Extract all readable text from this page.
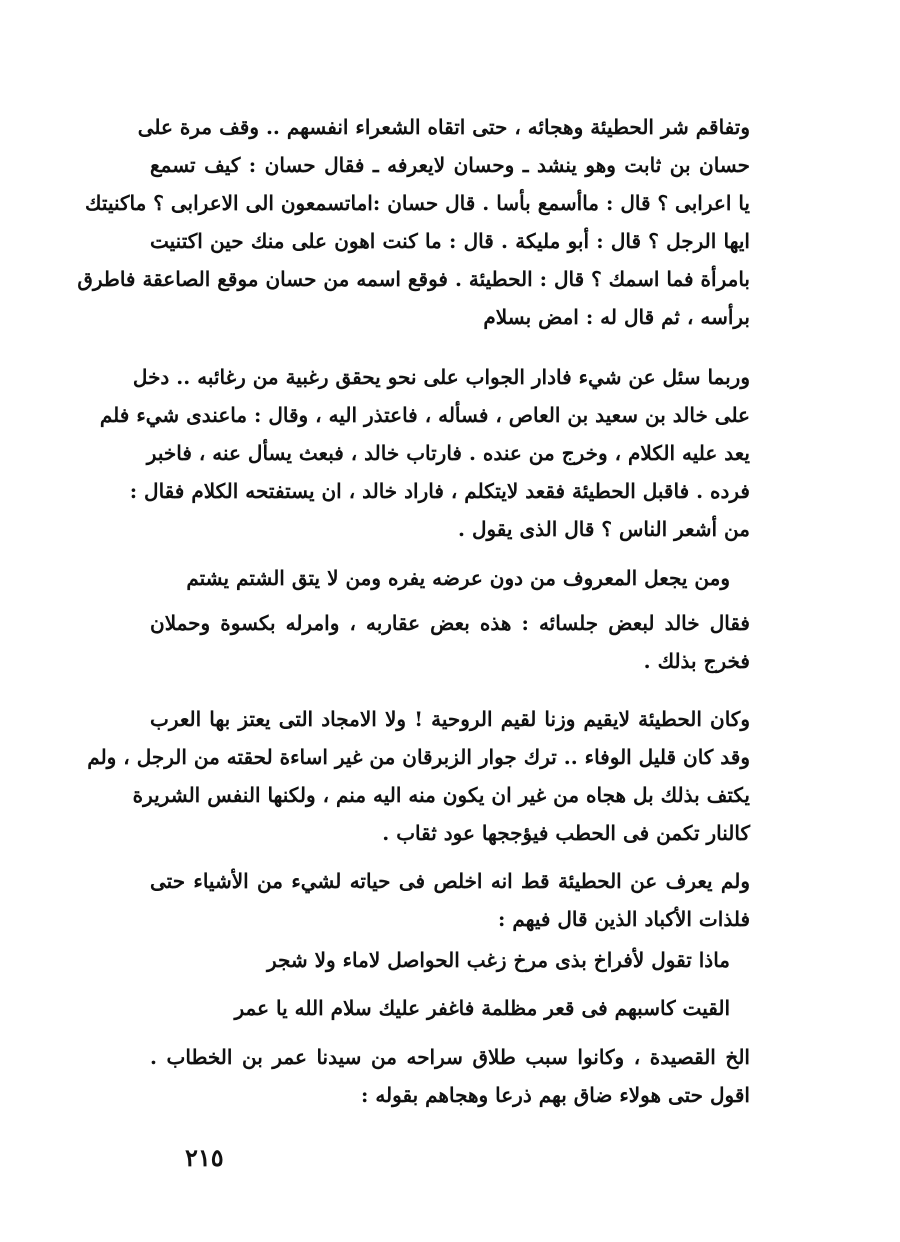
وتفاقم شر الحطيئة وهجائه ، حتى اتقاه الشعراء انفسهم .. وقف مرة على
حسان بن ثابت وهو ينشد ـ وحسان لايعرفه ـ فقال حسان : كيف تسمع
يا اعرابى ؟ قال : ماأسمع بأسا . قال حسان :اماتسمعون الى الاعرابى ؟ ماكنيتك
ايها الرجل ؟ قال : أبو مليكة . قال : ما كنت اهون على منك حين اكتنيت
بامرأة فما اسمك ؟ قال : الحطيئة . فوقع اسمه من حسان موقع الصاعقة فاطرق
برأسه ، ثم قال له : امض بسلام
وربما سئل عن شيء فادار الجواب على نحو يحقق رغبية من رغائبه .. دخل
على خالد بن سعيد بن العاص ، فسأله ، فاعتذر اليه ، وقال : ماعندى شيء فلم
يعد عليه الكلام ، وخرج من عنده . فارتاب خالد ، فبعث يسأل عنه ، فاخبر
فرده . فاقبل الحطيئة فقعد لايتكلم ، فاراد خالد ، ان يستفتحه الكلام فقال :
من أشعر الناس ؟ قال الذى يقول .
ومن يجعل المعروف من دون عرضه يفره ومن لا يتق الشتم يشتم
فقال خالد لبعض جلسائه : هذه بعض عقاربه ، وامرله بكسوة وحملان
فخرج بذلك .
وكان الحطيئة لايقيم وزنا لقيم الروحية ! ولا الامجاد التى يعتز بها العرب
وقد كان قليل الوفاء .. ترك جوار الزبرقان من غير اساءة لحقته من الرجل ، ولم
يكتف بذلك بل هجاه من غير ان يكون منه اليه منم ، ولكنها النفس الشريرة
كالنار تكمن فى الحطب فيؤججها عود ثقاب .
ولم يعرف عن الحطيئة قط انه اخلص فى حياته لشيء من الأشياء حتى
فلذات الأكباد الذين قال فيهم :
ماذا تقول لأفراخ بذى مرخ زغب الحواصل لاماء ولا شجر
القيت كاسبهم فى قعر مظلمة فاغفر عليك سلام الله يا عمر
الخ القصيدة ، وكانوا سبب طلاق سراحه من سيدنا عمر بن الخطاب .
اقول حتى هولاء ضاق بهم ذرعا وهجاهم بقوله :
٢١٥
